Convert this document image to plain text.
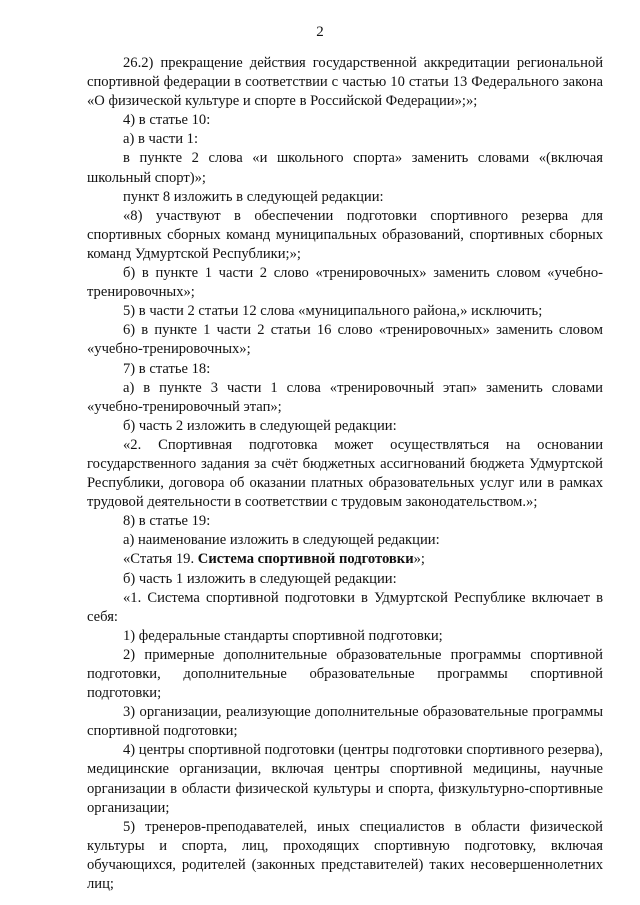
2

26.2) прекращение действия государственной аккредитации региональной спортивной федерации в соответствии с частью 10 статьи 13 Федерального закона «О физической культуре и спорте в Российской Федерации»;»;

4) в статье 10:

а) в части 1:

в пункте 2 слова «и школьного спорта» заменить словами «(включая школьный спорт)»;

пункт 8 изложить в следующей редакции:

«8) участвуют в обеспечении подготовки спортивного резерва для спортивных сборных команд муниципальных образований, спортивных сборных команд Удмуртской Республики;»;

б) в пункте 1 части 2 слово «тренировочных» заменить словом «учебно-тренировочных»;

5) в части 2 статьи 12 слова «муниципального района,» исключить;

6) в пункте 1 части 2 статьи 16 слово «тренировочных» заменить словом «учебно-тренировочных»;

7) в статье 18:

а) в пункте 3 части 1 слова «тренировочный этап» заменить словами «учебно-тренировочный этап»;

б) часть 2 изложить в следующей редакции:

«2. Спортивная подготовка может осуществляться на основании государственного задания за счёт бюджетных ассигнований бюджета Удмуртской Республики, договора об оказании платных образовательных услуг или в рамках трудовой деятельности в соответствии с трудовым законодательством.»;

8) в статье 19:

а) наименование изложить в следующей редакции:

«Статья 19. Система спортивной подготовки»;

б) часть 1 изложить в следующей редакции:

«1. Система спортивной подготовки в Удмуртской Республике включает в себя:

1) федеральные стандарты спортивной подготовки;

2) примерные дополнительные образовательные программы спортивной подготовки, дополнительные образовательные программы спортивной подготовки;

3) организации, реализующие дополнительные образовательные программы спортивной подготовки;

4) центры спортивной подготовки (центры подготовки спортивного резерва), медицинские организации, включая центры спортивной медицины, научные организации в области физической культуры и спорта, физкультурно-спортивные организации;

5) тренеров-преподавателей, иных специалистов в области физической культуры и спорта, лиц, проходящих спортивную подготовку, включая обучающихся, родителей (законных представителей) таких несовершеннолетних лиц;
